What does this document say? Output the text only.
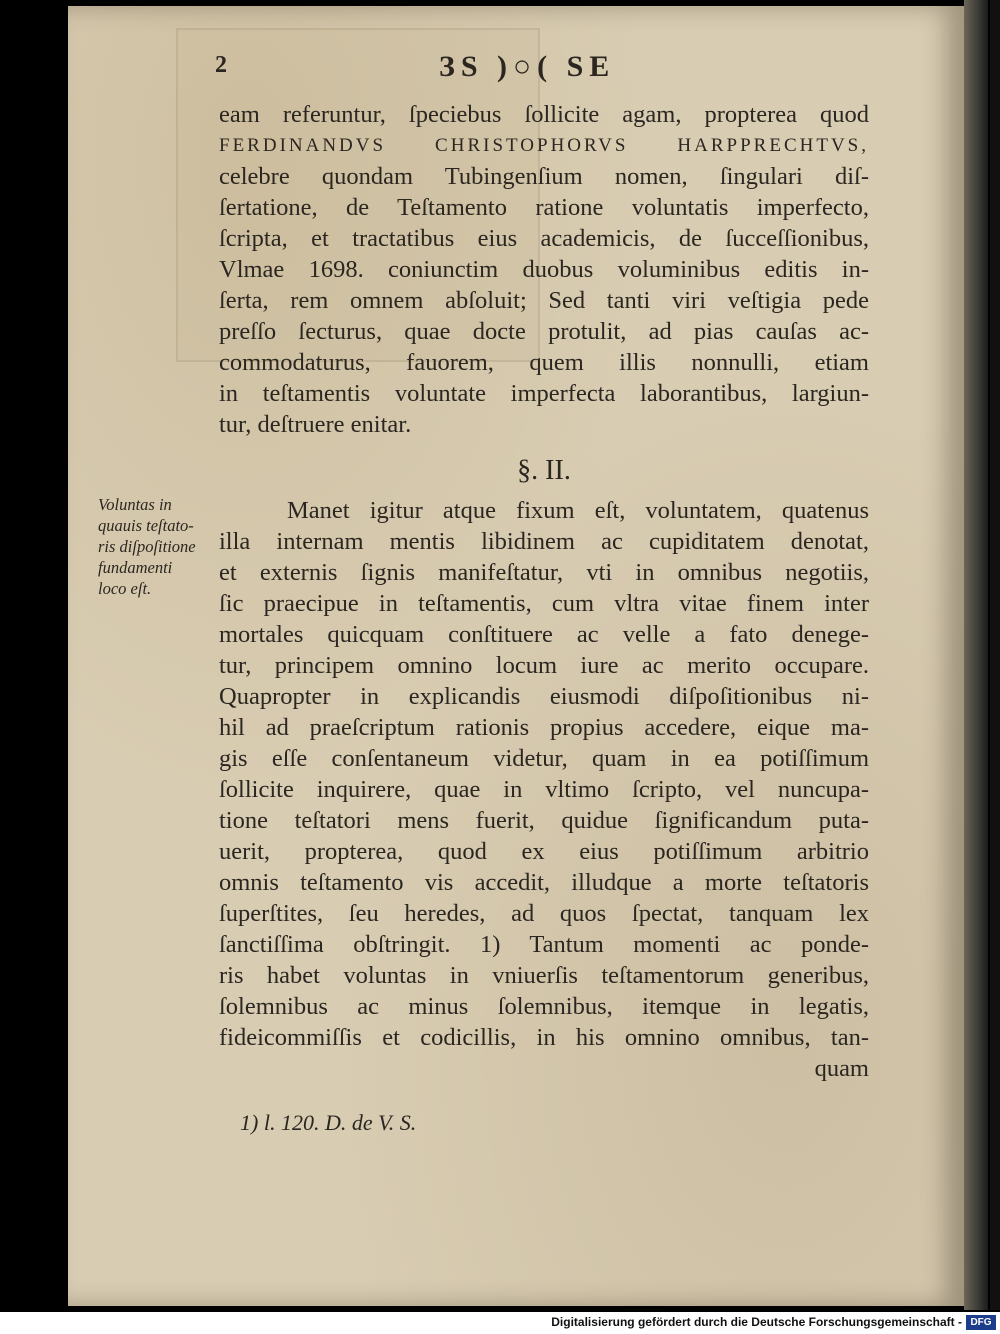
2	ЗS )○( SE
eam referuntur, ſpeciebus ſollicite agam, propterea quod
FERDINANDVS CHRISTOPHORVS HARPPRECHTVS,
celebre quondam Tubingenſium nomen, ſingulari diſ-
ſertatione, de Teſtamento ratione voluntatis imperfecto,
ſcripta, et tractatibus eius academicis, de ſucceſſionibus,
Vlmae 1698. coniunctim duobus voluminibus editis in-
ſerta, rem omnem abſoluit; Sed tanti viri veſtigia pede
preſſo ſecturus, quae docte protulit, ad pias cauſas ac-
commodaturus, fauorem, quem illis nonnulli, etiam
in teſtamentis voluntate imperfecta laborantibus, largiun-
tur, deſtruere enitar.
§. II.
Manet igitur atque fixum eſt, voluntatem, quatenus
illa internam mentis libidinem ac cupiditatem denotat,
et externis ſignis manifeſtatur, vti in omnibus negotiis,
ſic praecipue in teſtamentis, cum vltra vitae finem inter
mortales quicquam conſtituere ac velle a fato denege-
tur, principem omnino locum iure ac merito occupare.
Quapropter in explicandis eiusmodi diſpoſitionibus ni-
hil ad praeſcriptum rationis propius accedere, eique ma-
gis eſſe conſentaneum videtur, quam in ea potiſſimum
ſollicite inquirere, quae in vltimo ſcripto, vel nuncupa-
tione teſtatori mens fuerit, quidue ſignificandum puta-
uerit, propterea, quod ex eius potiſſimum arbitrio
omnis teſtamento vis accedit, illudque a morte teſtatoris
ſuperſtites, ſeu heredes, ad quos ſpectat, tanquam lex
ſanctiſſima obſtringit. 1) Tantum momenti ac ponde-
ris habet voluntas in vniuerſis teſtamentorum generibus,
ſolemnibus ac minus ſolemnibus, itemque in legatis,
fideicommiſſis et codicillis, in his omnino omnibus, tan-
quam
Voluntas in
quauis teſtato-
ris diſpoſitione
fundamenti
loco eſt.
1) l. 120. D. de V. S.
Digitalisierung gefördert durch die Deutsche Forschungsgemeinschaft - DFG
